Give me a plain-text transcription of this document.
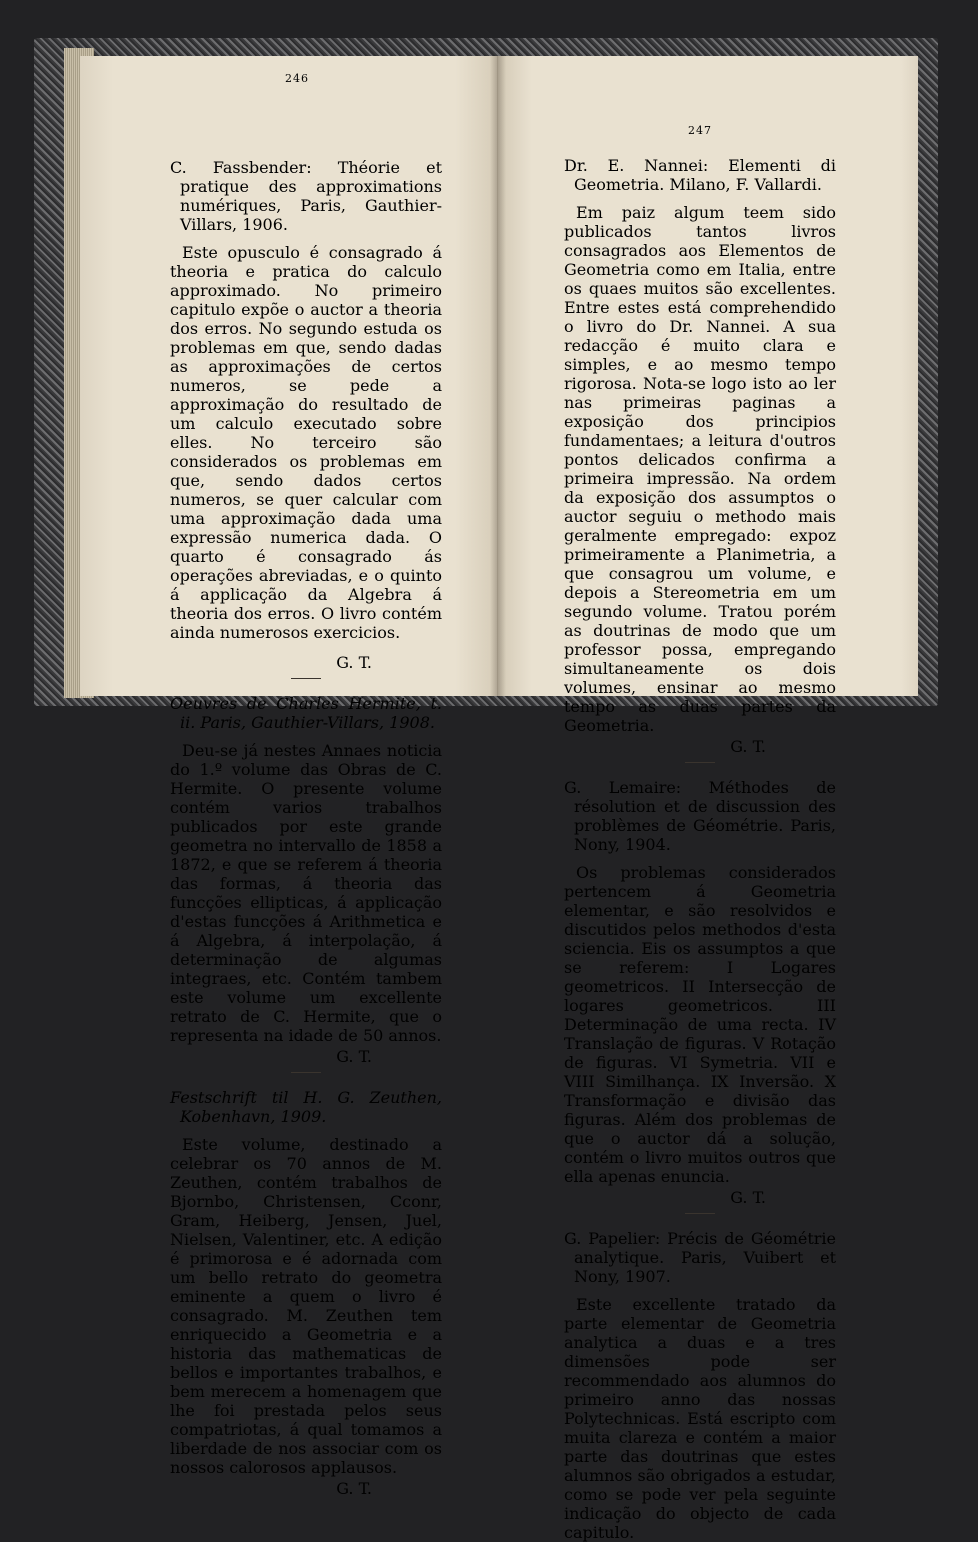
246

C. Fassbender: Théorie et pratique des approximations numériques, Paris, Gauthier-Villars, 1906.

Este opusculo é consagrado á theoria e pratica do calculo approximado. No primeiro capitulo expõe o auctor a theoria dos erros. No segundo estuda os problemas em que, sendo dadas as approximações de certos numeros, se pede a approximação do resultado de um calculo executado sobre elles. No terceiro são considerados os problemas em que, sendo dados certos numeros, se quer calcular com uma approximação dada uma expressão numerica dada. O quarto é consagrado ás operações abreviadas, e o quinto á applicação da Algebra á theoria dos erros. O livro contém ainda numerosos exercicios.

G. T.

Oeuvres de Charles Hermite, t. ii. Paris, Gauthier-Villars, 1908.

Deu-se já nestes Annaes noticia do 1.º volume das Obras de C. Hermite. O presente volume contém varios trabalhos publicados por este grande geometra no intervallo de 1858 a 1872, e que se referem á theoria das formas, á theoria das funcções ellipticas, á applicação d'estas funcções á Arithmetica e á Algebra, á interpolação, á determinação de algumas integraes, etc. Contém tambem este volume um excellente retrato de C. Hermite, que o representa na idade de 50 annos.

G. T.

Festschrift til H. G. Zeuthen, Kobenhavn, 1909.

Este volume, destinado a celebrar os 70 annos de M. Zeuthen, contém trabalhos de Bjornbo, Christensen, Cconr, Gram, Heiberg, Jensen, Juel, Nielsen, Valentiner, etc. A edição é primorosa e é adornada com um bello retrato do geometra eminente a quem o livro é consagrado. M. Zeuthen tem enriquecido a Geometria e a historia das mathematicas de bellos e importantes trabalhos, e bem merecem a homenagem que lhe foi prestada pelos seus compatriotas, á qual tomamos a liberdade de nos associar com os nossos calorosos applausos.

G. T.

247

Dr. E. Nannei: Elementi di Geometria. Milano, F. Vallardi.

Em paiz algum teem sido publicados tantos livros consagrados aos Elementos de Geometria como em Italia, entre os quaes muitos são excellentes. Entre estes está comprehendido o livro do Dr. Nannei. A sua redacção é muito clara e simples, e ao mesmo tempo rigorosa. Nota-se logo isto ao ler nas primeiras paginas a exposição dos principios fundamentaes; a leitura d'outros pontos delicados confirma a primeira impressão. Na ordem da exposição dos assumptos o auctor seguiu o methodo mais geralmente empregado: expoz primeiramente a Planimetria, a que consagrou um volume, e depois a Stereometria em um segundo volume. Tratou porém as doutrinas de modo que um professor possa, empregando simultaneamente os dois volumes, ensinar ao mesmo tempo as duas partes da Geometria.

G. T.

G. Lemaire: Méthodes de résolution et de discussion des problèmes de Géométrie. Paris, Nony, 1904.

Os problemas considerados pertencem á Geometria elementar, e são resolvidos e discutidos pelos methodos d'esta sciencia. Eis os assumptos a que se referem: I Logares geometricos. II Intersecção de logares geometricos. III Determinação de uma recta. IV Translação de figuras. V Rotação de figuras. VI Symetria. VII e VIII Similhança. IX Inversão. X Transformação e divisão das figuras. Além dos problemas de que o auctor dá a solução, contém o livro muitos outros que ella apenas enuncia.

G. T.

G. Papelier: Précis de Géométrie analytique. Paris, Vuibert et Nony, 1907.

Este excellente tratado da parte elementar de Geometria analytica a duas e a tres dimensões pode ser recommendado aos alumnos do primeiro anno das nossas Polytechnicas. Está escripto com muita clareza e contém a maior parte das doutrinas que estes alumnos são obrigados a estudar, como se pode ver pela seguinte indicação do objecto de cada capitulo.
